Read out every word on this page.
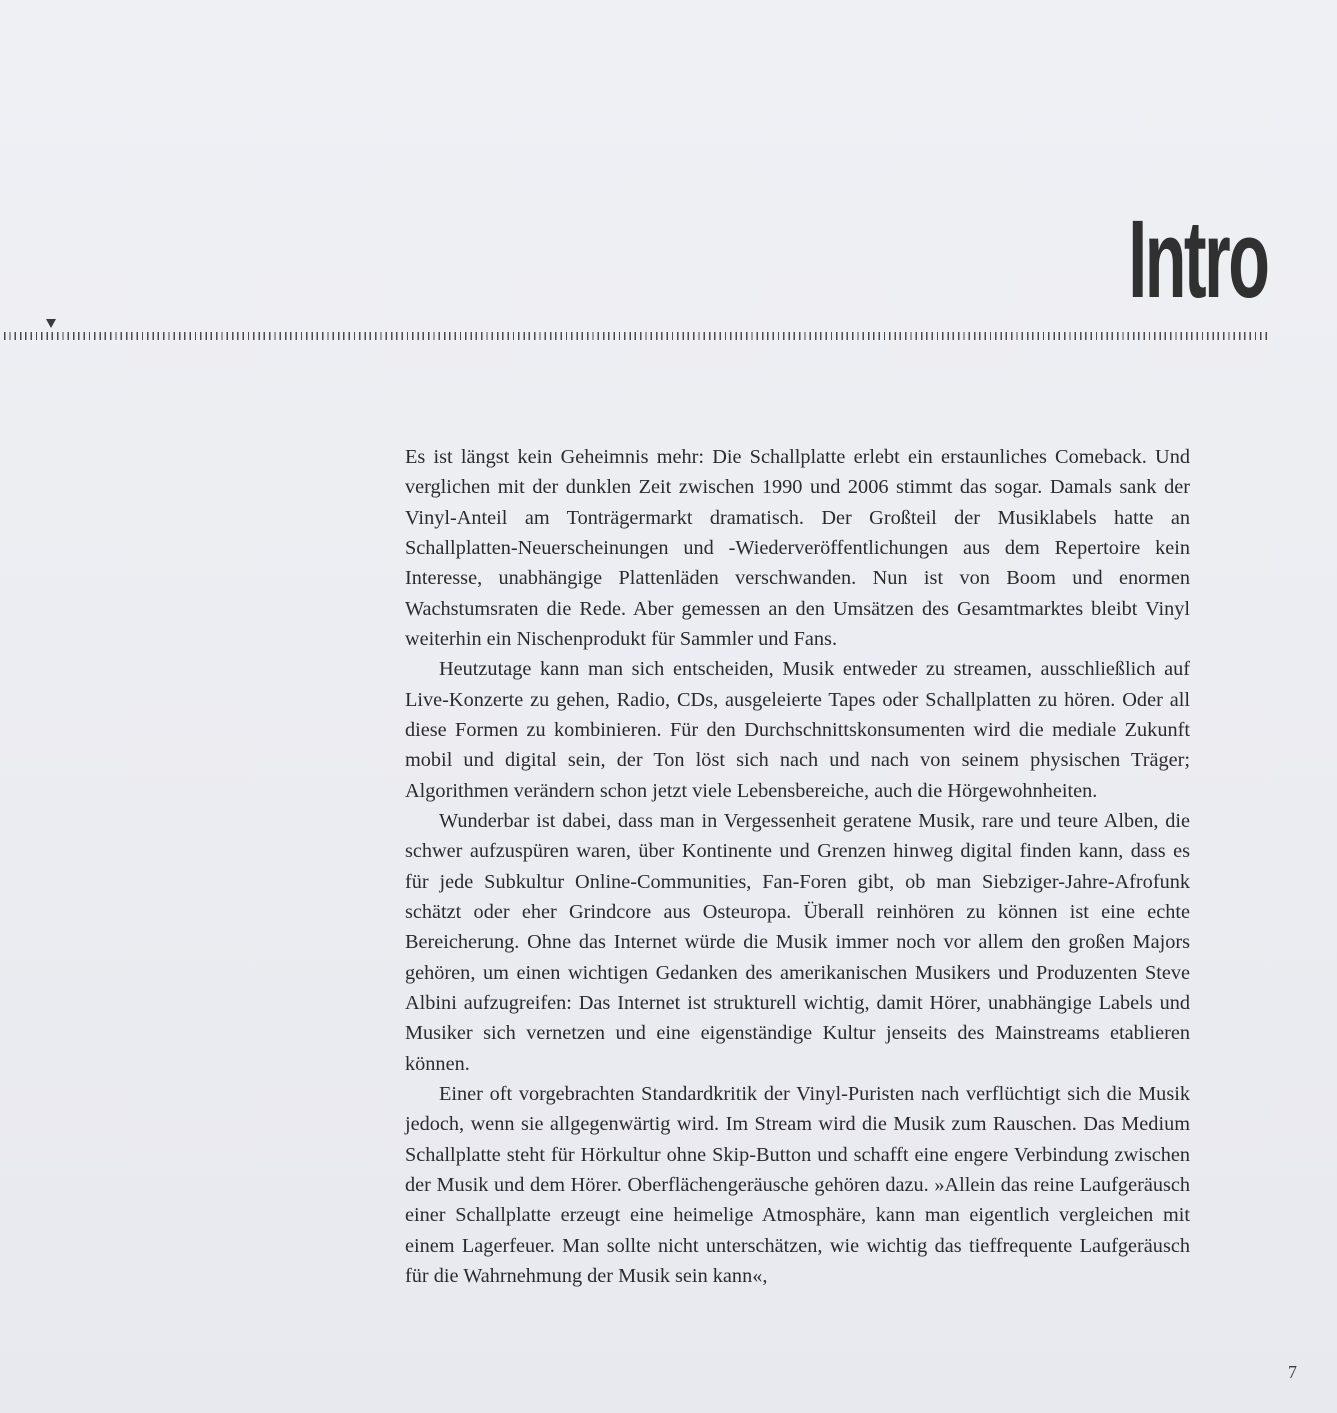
Intro

Es ist längst kein Geheimnis mehr: Die Schallplatte erlebt ein erstaunliches Comeback. Und verglichen mit der dunklen Zeit zwischen 1990 und 2006 stimmt das sogar. Damals sank der Vinyl-Anteil am Tonträgermarkt dramatisch. Der Großteil der Musiklabels hatte an Schallplatten-Neuerscheinungen und -Wiederveröffentlichungen aus dem Repertoire kein Interesse, unabhängige Plattenläden verschwanden. Nun ist von Boom und enormen Wachstumsraten die Rede. Aber gemessen an den Umsätzen des Gesamtmarktes bleibt Vinyl weiterhin ein Nischenprodukt für Sammler und Fans.

Heutzutage kann man sich entscheiden, Musik entweder zu streamen, ausschließlich auf Live-Konzerte zu gehen, Radio, CDs, ausgeleierte Tapes oder Schallplatten zu hören. Oder all diese Formen zu kombinieren. Für den Durchschnittskonsumenten wird die mediale Zukunft mobil und digital sein, der Ton löst sich nach und nach von seinem physischen Träger; Algorithmen verändern schon jetzt viele Lebensbereiche, auch die Hörgewohnheiten.

Wunderbar ist dabei, dass man in Vergessenheit geratene Musik, rare und teure Alben, die schwer aufzuspüren waren, über Kontinente und Grenzen hinweg digital finden kann, dass es für jede Subkultur Online-Communities, Fan-Foren gibt, ob man Siebziger-Jahre-Afrofunk schätzt oder eher Grindcore aus Osteuropa. Überall reinhören zu können ist eine echte Bereicherung. Ohne das Internet würde die Musik immer noch vor allem den großen Majors gehören, um einen wichtigen Gedanken des amerikanischen Musikers und Produzenten Steve Albini aufzugreifen: Das Internet ist strukturell wichtig, damit Hörer, unabhängige Labels und Musiker sich vernetzen und eine eigenständige Kultur jenseits des Mainstreams etablieren können.

Einer oft vorgebrachten Standardkritik der Vinyl-Puristen nach verflüchtigt sich die Musik jedoch, wenn sie allgegenwärtig wird. Im Stream wird die Musik zum Rauschen. Das Medium Schallplatte steht für Hörkultur ohne Skip-Button und schafft eine engere Verbindung zwischen der Musik und dem Hörer. Oberflächengeräusche gehören dazu. »Allein das reine Laufgeräusch einer Schallplatte erzeugt eine heimelige Atmosphäre, kann man eigentlich vergleichen mit einem Lagerfeuer. Man sollte nicht unterschätzen, wie wichtig das tieffrequente Laufgeräusch für die Wahrnehmung der Musik sein kann«,

7
